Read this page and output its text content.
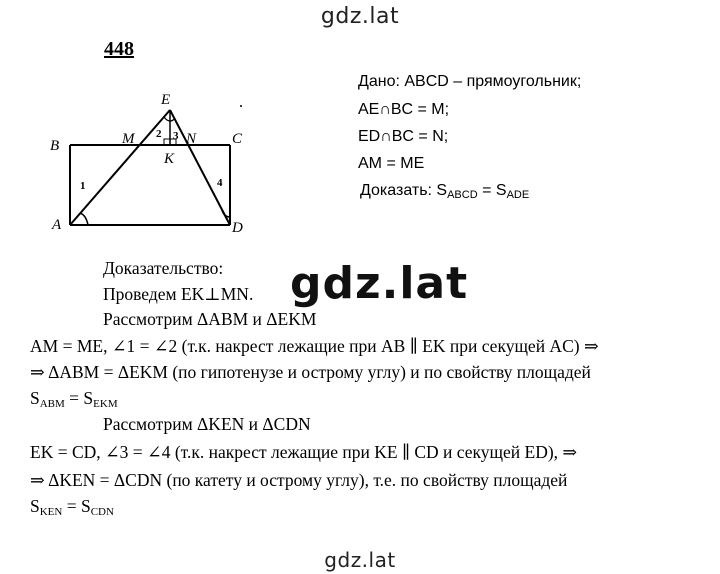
gdz.lat
448
E
B	M	N C
K
A	D
1
2 3
4
Дано: ABCD – прямоугольник;
AE∩BC = M;
ED∩BC = N;
AM = ME
Доказать: $S_{ABCD} = S_{ADE}$
Доказательство:
Проведем EK⊥MN.
Рассмотрим ΔABM и ΔEKM
AM = ME, ∠1 = ∠2 (т.к. накрест лежащие при AB ∥ EK при секущей AC) ⇒
⇒ ΔABM = ΔEKM (по гипотенузе и острому углу) и по свойству площадей
$S_{ABM} = S_{EKM}$
Рассмотрим ΔKEN и ΔCDN
EK = CD, ∠3 = ∠4 (т.к. накрест лежащие при KE ∥ CD и секущей ED), ⇒
⇒ ΔKEN = ΔCDN (по катету и острому углу), т.е. по свойству площадей
$S_{KEN} = S_{CDN}$
gdz.lat
gdz.lat
